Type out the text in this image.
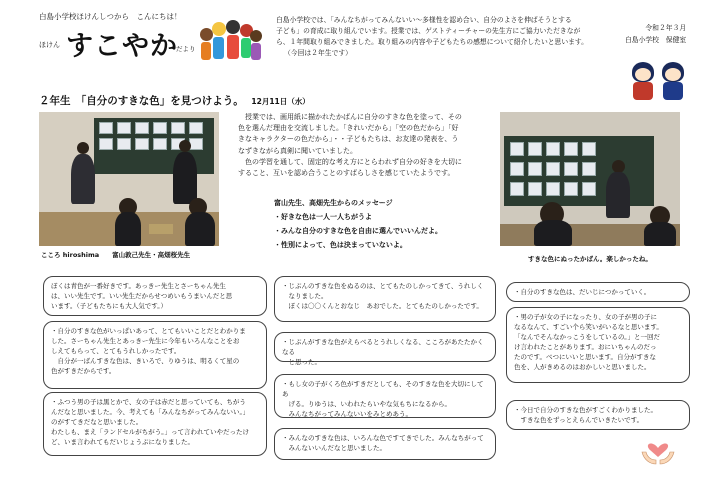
白島小学校ほけんしつから　こんにちは！
ほけん すこやか
だより
白島小学校では、「みんなちがってみんないい～多様性を認め合い、自分のよさを伸ばそうとする
子ども」の育成に取り組んでいます。授業では、ゲストティーチャーの先生方にご協力いただきなが
ら、１年間取り組みできました。取り組みの内容や子どもたちの感想について紹介したいと思います。
（今回は２年生です）
令和２年３月
白島小学校　保健室
２年生　「自分のすきな色」を見つけよう。 12月11日（水）
こころ hiroshima　　富山敦己先生・高畑桜先生
授業では、画用紙に描かれたかばんに自分のすきな色を塗って、その
色を選んだ理由を交流しました。「きれいだから」「空の色だから」「好
きなキャラクターの色だから」・・子どもたちは、お友達の発表を、う
なずきながら真剣に聞いていました。
色の学習を通して、固定的な考え方にとらわれず自分の好きを大切に
すること、互いを認め合うことのすばらしさを感じていたようです。
富山先生、高畑先生からのメッセージ
・好きな色は一人一人ちがうよ
・みんな自分のすきな色を自由に選んでいいんだよ。
・性別によって、色は決まっていないよ。
すきな色にぬったかばん。楽しかったね。
ぼくは青色が一番好きです。あっきー先生とさーちゃん先生
は、いい先生です。いい先生だからせつめいもうまいんだと思
います。（子どもたちにも大人気です。）
・自分のすきな色がいっぱいあって、とてもいいことだとわかりま
した。さーちゃん先生とあっきー先生に今年もいろんなことをお
しえてもらって、とてもうれしかったです。
自分が一ばんすきな色は、きいろで、りゆうは、明るくて星の
色がすきだからです。
・ふつう男の子は黒とかで、女の子は赤だと思っていても、ちがう
んだなと思いました。今、考えても「みんなちがってみんないい。」
のがすてきだなと思いました。
わたしも、まえ「ランドセルがちがう。」って言われていやだったけ
ど、いま言われてもだいじょうぶになりました。
・じぶんのすきな色をぬるのは、とてもたのしかってきて、うれしく
なりました。
ぼくは〇〇くんとおなじ　あおでした。とてもたのしかったです。
・じぶんがすきな色がえらべるとうれしくなる、こころがあたたかくなる
と思った。
・もし女の子がくろ色がすきだとしても、そのすきな色を大切にしてあ
げる。りゆうは、いわれたらいやな気もちになるから。
みんなちがってみんないいをみとめあう。
・みんなのすきな色は、いろんな色ですてきでした。みんなちがって
みんないいんだなと思いました。
・自分のすきな色は、だいじにつかっていく。
・男の子が女の子になったり、女の子が男の子に
なるなんて、すごい个ら笑いがいるなと思います。
「なんでそんなかっこうをしているの。」と一回だ
け言われたことがあります。おにいちゃんのだっ
たのです。べつにいいと思います。自分がすきな
色を、人がきめるのはおかしいと思いました。
・今日で自分のすきな色がすごくわかりました。
すきな色をずっとえらんでいきたいです。
